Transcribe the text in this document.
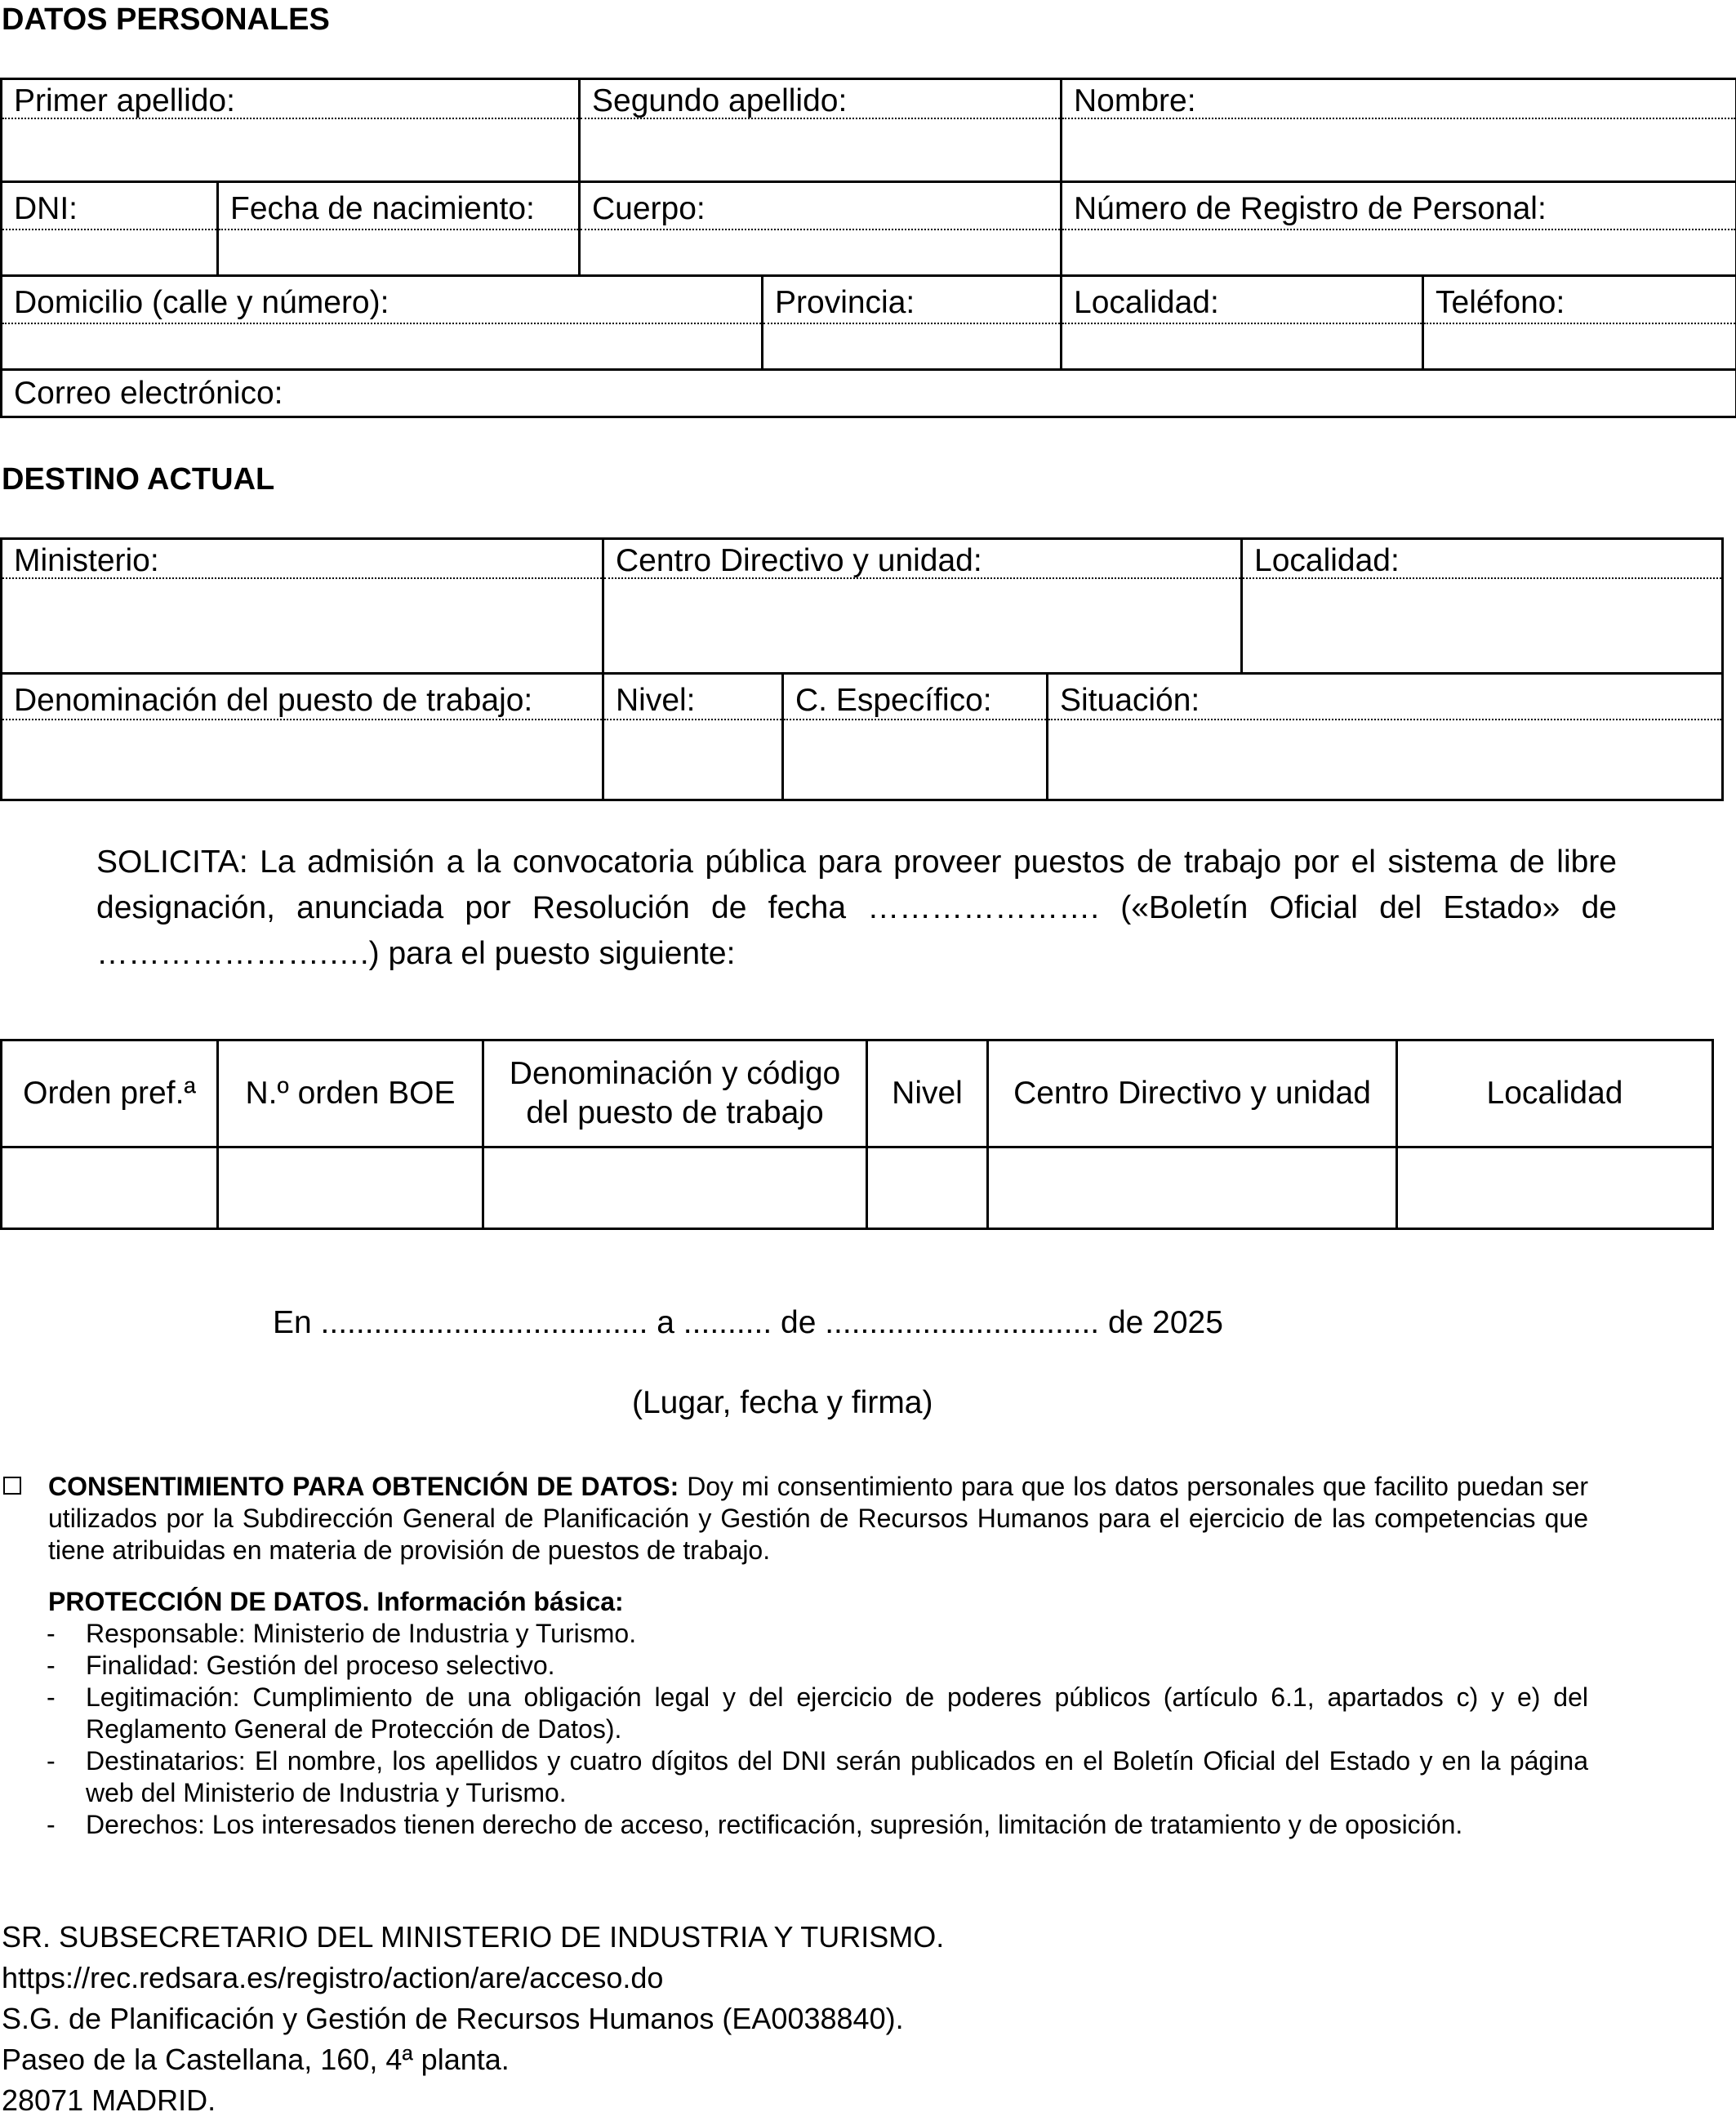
DATOS PERSONALES
Primer apellido:		Segundo apellido:		Nombre:	

DNI:	Fecha de nacimiento:	Cuerpo:		Número de Registro de Personal:	

Domicilio (calle y número):			Provincia:	Localidad:	Teléfono:

Correo electrónico:					
DESTINO ACTUAL
Ministerio:	Centro Directivo y unidad:			Localidad:

Denominación del puesto de trabajo:	Nivel:	C. Específico:	Situación:	
SOLICITA: La admisión a la convocatoria pública para proveer puestos de trabajo por el sistema de libre designación, anunciada por Resolución de fecha …………………. («Boletín Oficial del Estado» de ………………….….) para el puesto siguiente:
Orden pref.ª	N.º orden BOE	Denominación y código del puesto de trabajo	Nivel	Centro Directivo y unidad	Localidad

En ..................................... a .......... de ............................... de 2025
(Lugar, fecha y firma)
CONSENTIMIENTO PARA OBTENCIÓN DE DATOS: Doy mi consentimiento para que los datos personales que facilito puedan ser utilizados por la Subdirección General de Planificación y Gestión de Recursos Humanos para el ejercicio de las competencias que tiene atribuidas en materia de provisión de puestos de trabajo.
PROTECCIÓN DE DATOS. Información básica:
- Responsable: Ministerio de Industria y Turismo.
- Finalidad: Gestión del proceso selectivo.
- Legitimación: Cumplimiento de una obligación legal y del ejercicio de poderes públicos (artículo 6.1, apartados c) y e) del Reglamento General de Protección de Datos).
- Destinatarios: El nombre, los apellidos y cuatro dígitos del DNI serán publicados en el Boletín Oficial del Estado y en la página web del Ministerio de Industria y Turismo.
- Derechos: Los interesados tienen derecho de acceso, rectificación, supresión, limitación de tratamiento y de oposición.
SR. SUBSECRETARIO DEL MINISTERIO DE INDUSTRIA Y TURISMO.
https://rec.redsara.es/registro/action/are/acceso.do
S.G. de Planificación y Gestión de Recursos Humanos (EA0038840).
Paseo de la Castellana, 160, 4ª planta.
28071 MADRID.
